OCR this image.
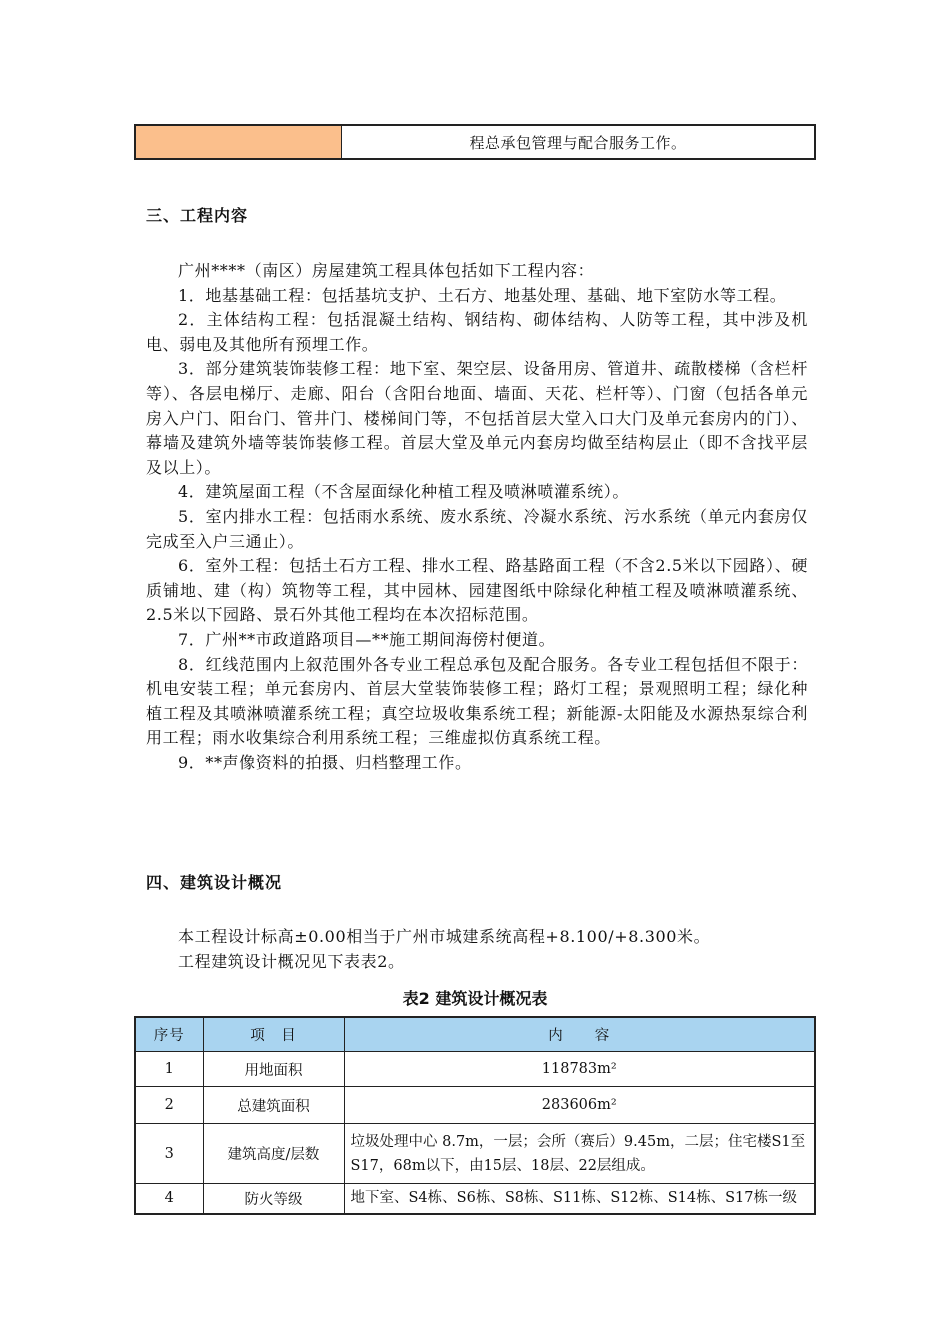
程总承包管理与配合服务工作。
三、工程内容

广州****（南区）房屋建筑工程具体包括如下工程内容：

1．地基基础工程：包括基坑支护、土石方、地基处理、基础、地下室防水等工程。

2．主体结构工程：包括混凝土结构、钢结构、砌体结构、人防等工程，其中涉及机电、弱电及其他所有预埋工作。

3．部分建筑装饰装修工程：地下室、架空层、设备用房、管道井、疏散楼梯（含栏杆等）、各层电梯厅、走廊、阳台（含阳台地面、墙面、天花、栏杆等）、门窗（包括各单元房入户门、阳台门、管井门、楼梯间门等，不包括首层大堂入口大门及单元套房内的门）、幕墙及建筑外墙等装饰装修工程。首层大堂及单元内套房均做至结构层止（即不含找平层及以上）。

4．建筑屋面工程（不含屋面绿化种植工程及喷淋喷灌系统）。

5．室内排水工程：包括雨水系统、废水系统、冷凝水系统、污水系统（单元内套房仅完成至入户三通止）。

6．室外工程：包括土石方工程、排水工程、路基路面工程（不含2.5米以下园路）、硬质铺地、建（构）筑物等工程，其中园林、园建图纸中除绿化种植工程及喷淋喷灌系统、2.5米以下园路、景石外其他工程均在本次招标范围。

7．广州**市政道路项目—**施工期间海傍村便道。

8．红线范围内上叙范围外各专业工程总承包及配合服务。各专业工程包括但不限于：机电安装工程；单元套房内、首层大堂装饰装修工程；路灯工程；景观照明工程；绿化种植工程及其喷淋喷灌系统工程；真空垃圾收集系统工程；新能源-太阳能及水源热泵综合利用工程；雨水收集综合利用系统工程；三维虚拟仿真系统工程。

9．**声像资料的拍摄、归档整理工作。

四、建筑设计概况

本工程设计标高±0.00相当于广州市城建系统高程+8.100/+8.300米。

工程建筑设计概况见下表表2。

表2 建筑设计概况表
序号	项　目	内　　容
1	用地面积	118783m²
2	总建筑面积	283606m²
3	建筑高度/层数	垃圾处理中心 8.7m，一层；会所（赛后）9.45m，二层；住宅楼S1至S17，68m以下，由15层、18层、22层组成。
4	防火等级	地下室、S4栋、S6栋、S8栋、S11栋、S12栋、S14栋、S17栋一级
